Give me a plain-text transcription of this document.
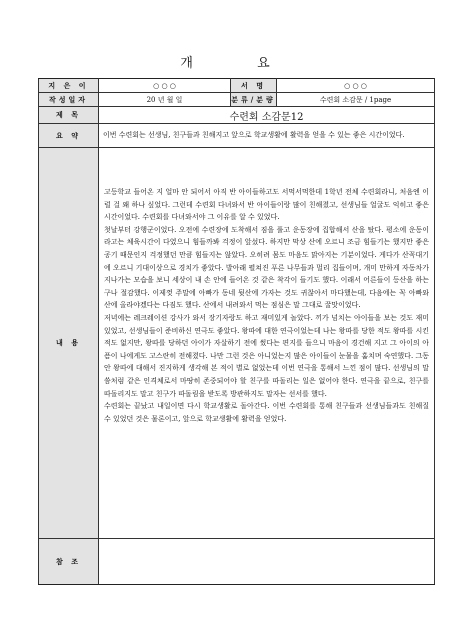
개 요
지 은 이	○ ○ ○	서 명	○ ○ ○
작성일자	20 년 월 일	분류/분량	수련회 소감문 / 1page
제 목	수련회 소감문12		
요 약	이번 수련회는 선생님, 친구들과 친해지고 앞으로 학교생활에 활력을 얻을 수 있는 좋은 시간이었다.		
내 용	고등학교 들어온 지 얼마 안 되어서 아직 반 아이들하고도 서먹서먹한데 1학년 전체 수련회라니, 처음엔 이럴 걸 왜 하나 싶었다. 그런데 수련회 다녀와서 반 아이들이랑 많이 친해졌고, 선생님들 얼굴도 익히고 좋은 시간이었다. 수련회를 다녀와서야 그 이유를 알 수 있었다.

첫날부터 강행군이었다. 오전에 수련장에 도착해서 짐을 풀고 운동장에 집합해서 산을 탔다. 평소에 운동이라고는 체육시간이 다였으니 힘들까봐 걱정이 앞섰다. 하지만 막상 산에 오르니 조금 힘들기는 했지만 좋은 공기 때문인지 걱정했던 만큼 힘들지는 않았다. 오히려 몸도 마음도 맑아지는 기분이었다. 게다가 산꼭대기에 오르니 기대이상으로 경치가 좋았다. 발아래 펼쳐진 푸른 나무들과 멀리 집들이며, 개미 만하게 자동차가 지나가는 모습을 보니 세상이 내 손 안에 들어온 것 같은 착각이 들기도 했다. 이래서 어른들이 등산을 하는 구나 절감했다. 이제껏 주말에 아빠가 동네 뒷산에 가자는 것도 귀찮아서 마다했는데, 다음에는 꼭 아빠와 산에 올라야겠다는 다짐도 했다. 산에서 내려와서 먹는 점심은 말 그대로 꿀맛이었다.

저녁에는 레크레이션 강사가 와서 장기자랑도 하고 재미있게 놀았다. 끼가 넘치는 아이들을 보는 것도 재미있었고, 선생님들이 준비하신 연극도 좋았다. 왕따에 대한 연극이었는데 나는 왕따를 당한 적도 왕따를 시킨 적도 없지만, 왕따를 당하던 아이가 자살하기 전에 썼다는 편지를 들으니 마음이 경건해 지고 그 아이의 아픔이 나에게도 고스란히 전해졌다. 나만 그런 것은 아니었는지 많은 아이들이 눈물을 훔치며 숙연했다. 그동안 왕따에 대해서 진지하게 생각해 본 적이 별로 없었는데 이번 연극을 통해서 느낀 점이 많다. 선생님의 말씀처럼 같은 인격체로서 마땅히 존중되어야 할 친구를 따돌리는 일은 없어야 한다. 연극을 끝으로, 친구를 따돌리지도 말고 친구가 따돌림을 받도록 방관하지도 말자는 선서를 했다.

수련회는 끝났고 내일이면 다시 학교생활로 돌아간다. 이번 수련회를 통해 친구들과 선생님들과도 친해질 수 있었던 것은 물론이고, 앞으로 학교생활에 활력을 얻었다.		

참 조			
